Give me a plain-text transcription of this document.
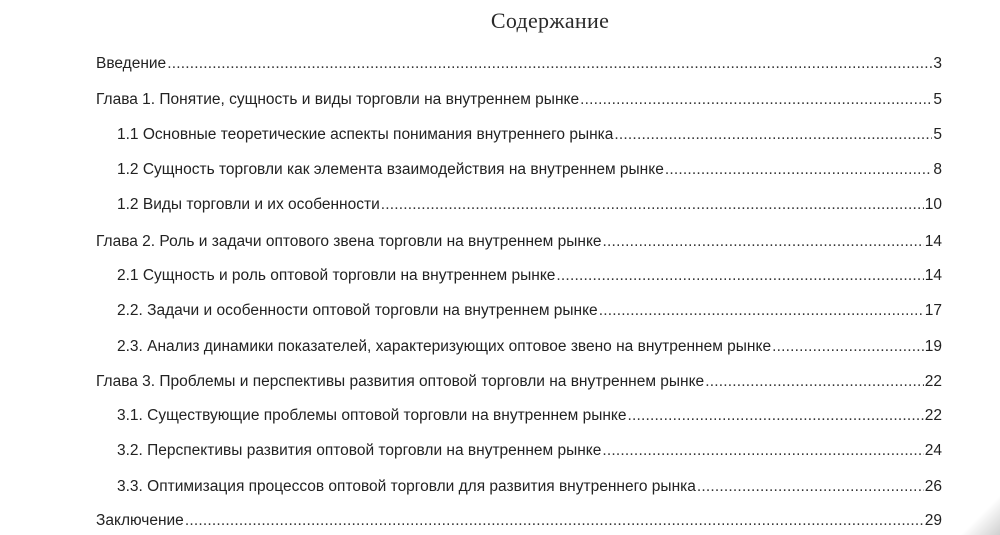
Содержание
Введение .....	3
Глава 1. Понятие, сущность и виды торговли на внутреннем рынке .....	5
1.1 Основные теоретические аспекты понимания внутреннего рынка .....	5
1.2 Сущность торговли как элемента взаимодействия на внутреннем рынке .....	8
1.2 Виды торговли и их особенности .....	10
Глава 2. Роль и задачи оптового звена торговли на внутреннем рынке .....	14
2.1 Сущность и роль оптовой торговли на внутреннем рынке .....	14
2.2. Задачи и особенности оптовой торговли на внутреннем рынке .....	17
2.3. Анализ динамики показателей, характеризующих оптовое звено на внутреннем рынке .....	19
Глава 3. Проблемы и перспективы развития оптовой торговли на внутреннем рынке .....	22
3.1. Существующие проблемы оптовой торговли на внутреннем рынке .....	22
3.2. Перспективы развития оптовой торговли на внутреннем рынке .....	24
3.3. Оптимизация процессов оптовой торговли для развития внутреннего рынка .....	26
Заключение .....	29
